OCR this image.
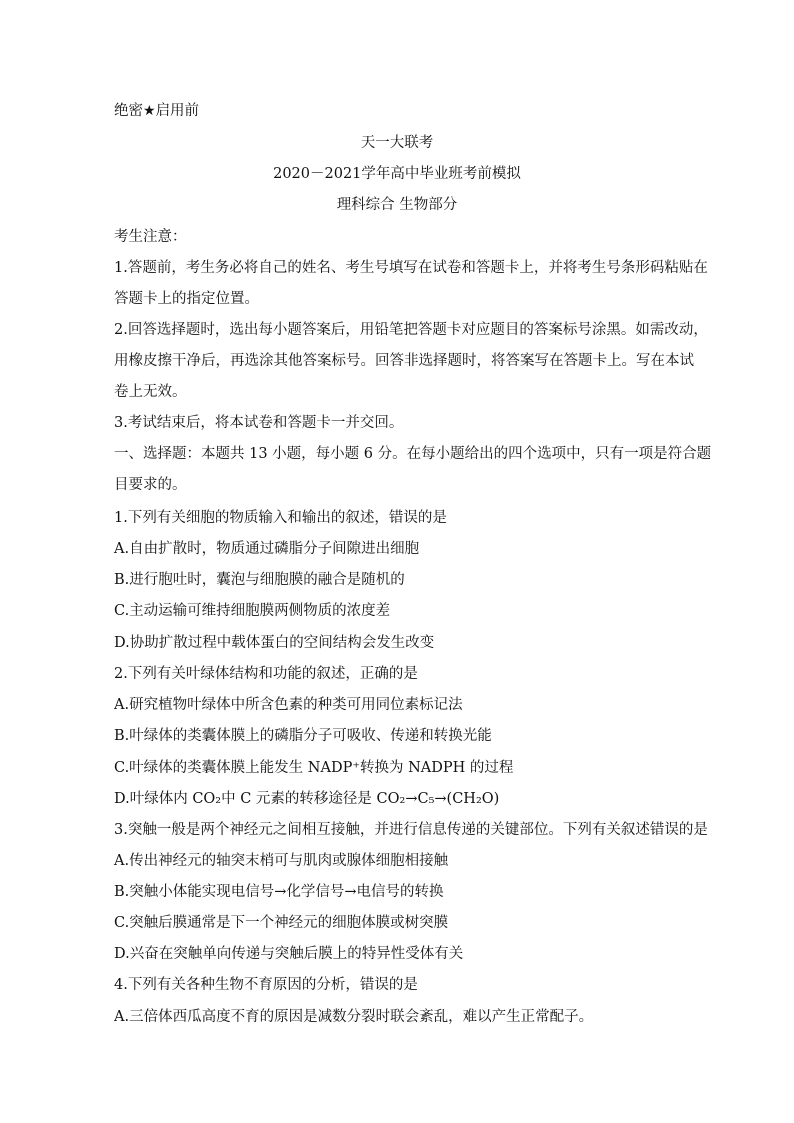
绝密★启用前
天一大联考
2020－2021学年高中毕业班考前模拟
理科综合 生物部分
考生注意：
1.答题前，考生务必将自己的姓名、考生号填写在试卷和答题卡上，并将考生号条形码粘贴在
答题卡上的指定位置。
2.回答选择题时，选出每小题答案后，用铅笔把答题卡对应题目的答案标号涂黑。如需改动，
用橡皮擦干净后，再选涂其他答案标号。回答非选择题时，将答案写在答题卡上。写在本试
卷上无效。
3.考试结束后，将本试卷和答题卡一并交回。
一、选择题：本题共 13 小题，每小题 6 分。在每小题给出的四个选项中，只有一项是符合题
目要求的。
1.下列有关细胞的物质输入和输出的叙述，错误的是
A.自由扩散时，物质通过磷脂分子间隙进出细胞
B.进行胞吐时，囊泡与细胞膜的融合是随机的
C.主动运输可维持细胞膜两侧物质的浓度差
D.协助扩散过程中载体蛋白的空间结构会发生改变
2.下列有关叶绿体结构和功能的叙述，正确的是
A.研究植物叶绿体中所含色素的种类可用同位素标记法
B.叶绿体的类囊体膜上的磷脂分子可吸收、传递和转换光能
C.叶绿体的类囊体膜上能发生 NADP⁺转换为 NADPH 的过程
D.叶绿体内 CO₂中 C 元素的转移途径是 CO₂→C₅→(CH₂O)
3.突触一般是两个神经元之间相互接触，并进行信息传递的关键部位。下列有关叙述错误的是
A.传出神经元的轴突末梢可与肌肉或腺体细胞相接触
B.突触小体能实现电信号→化学信号→电信号的转换
C.突触后膜通常是下一个神经元的细胞体膜或树突膜
D.兴奋在突触单向传递与突触后膜上的特异性受体有关
4.下列有关各种生物不育原因的分析，错误的是
A.三倍体西瓜高度不育的原因是减数分裂时联会紊乱，难以产生正常配子。
